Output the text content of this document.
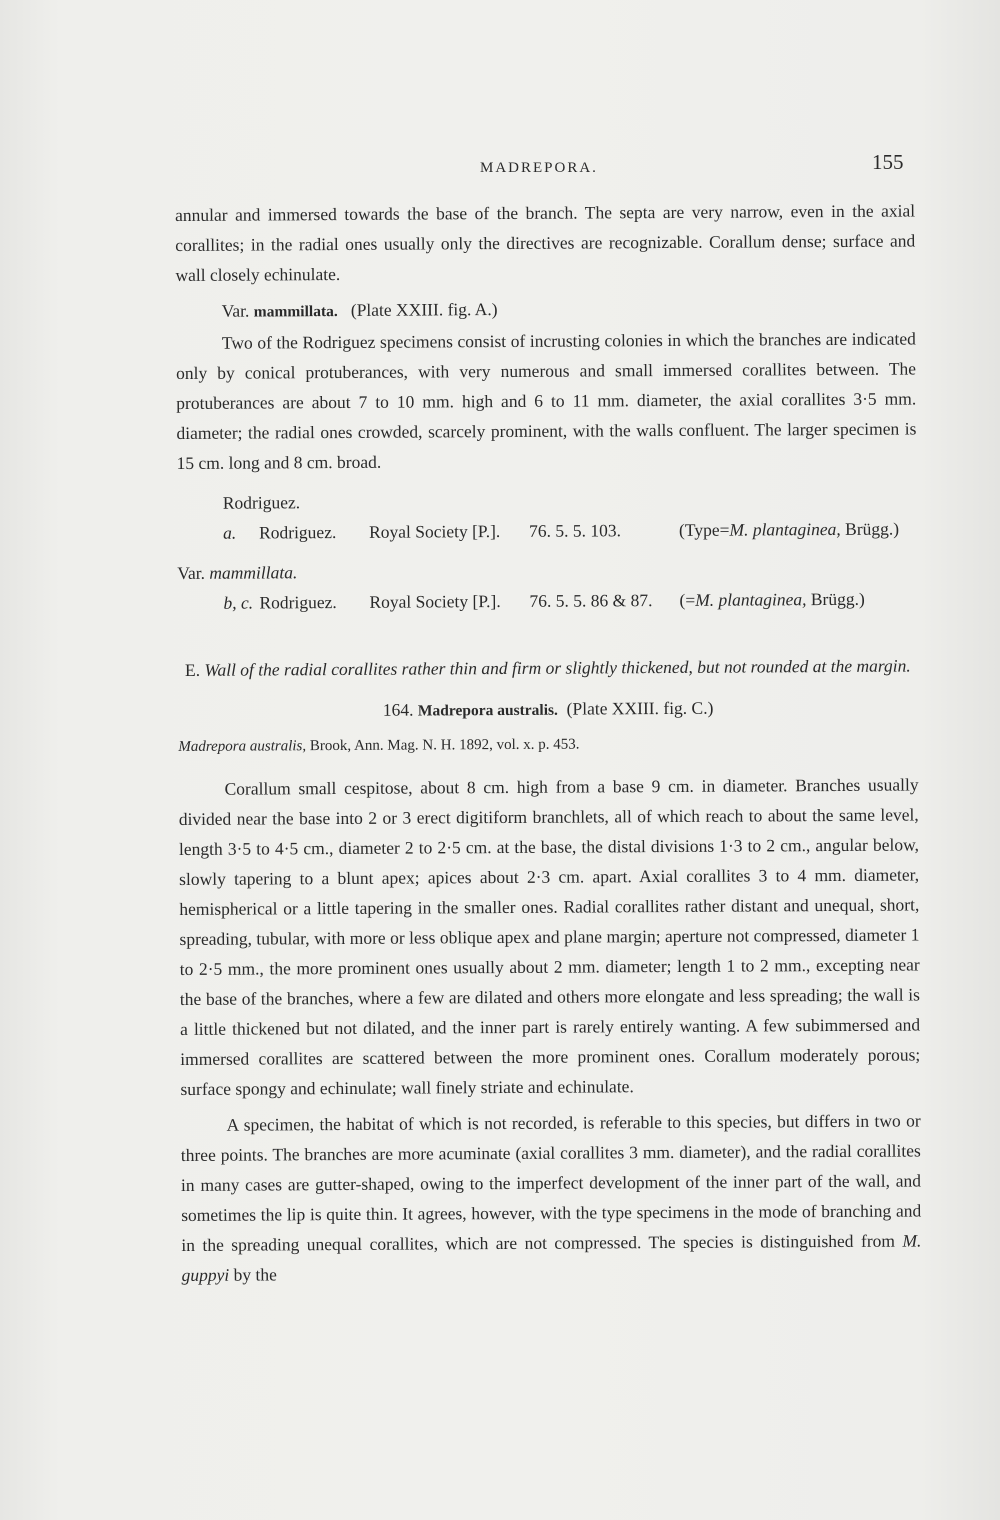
MADREPORA.	155

annular and immersed towards the base of the branch. The septa are very narrow, even in the axial corallites; in the radial ones usually only the directives are recognizable. Corallum dense; surface and wall closely echinulate.

Var. mammillata. (Plate XXIII. fig. A.)

Two of the Rodriguez specimens consist of incrusting colonies in which the branches are indicated only by conical protuberances, with very numerous and small immersed corallites between. The protuberances are about 7 to 10 mm. high and 6 to 11 mm. diameter, the axial corallites 3·5 mm. diameter; the radial ones crowded, scarcely prominent, with the walls confluent. The larger specimen is 15 cm. long and 8 cm. broad.

Rodriguez.
a. Rodriguez. Royal Society [P.]. 76. 5. 5. 103.	(Type=M. plantaginea, Brügg.)
Var. mammillata.
b, c. Rodriguez. Royal Society [P.]. 76. 5. 5. 86 & 87. (=M. plantaginea, Brügg.)
E. Wall of the radial corallites rather thin and firm or slightly thickened, but not rounded at the margin.
164. Madrepora australis. (Plate XXIII. fig. C.)
Madrepora australis, Brook, Ann. Mag. N. H. 1892, vol. x. p. 453.

Corallum small cespitose, about 8 cm. high from a base 9 cm. in diameter. Branches usually divided near the base into 2 or 3 erect digitiform branchlets, all of which reach to about the same level, length 3·5 to 4·5 cm., diameter 2 to 2·5 cm. at the base, the distal divisions 1·3 to 2 cm., angular below, slowly tapering to a blunt apex; apices about 2·3 cm. apart. Axial corallites 3 to 4 mm. diameter, hemispherical or a little tapering in the smaller ones. Radial corallites rather distant and unequal, short, spreading, tubular, with more or less oblique apex and plane margin; aperture not compressed, diameter 1 to 2·5 mm., the more prominent ones usually about 2 mm. diameter; length 1 to 2 mm., excepting near the base of the branches, where a few are dilated and others more elongate and less spreading; the wall is a little thickened but not dilated, and the inner part is rarely entirely wanting. A few subimmersed and immersed corallites are scattered between the more prominent ones. Corallum moderately porous; surface spongy and echinulate; wall finely striate and echinulate.

A specimen, the habitat of which is not recorded, is referable to this species, but differs in two or three points. The branches are more acuminate (axial corallites 3 mm. diameter), and the radial corallites in many cases are gutter-shaped, owing to the imperfect development of the inner part of the wall, and sometimes the lip is quite thin. It agrees, however, with the type specimens in the mode of branching and in the spreading unequal corallites, which are not compressed. The species is distinguished from M. guppyi by the
